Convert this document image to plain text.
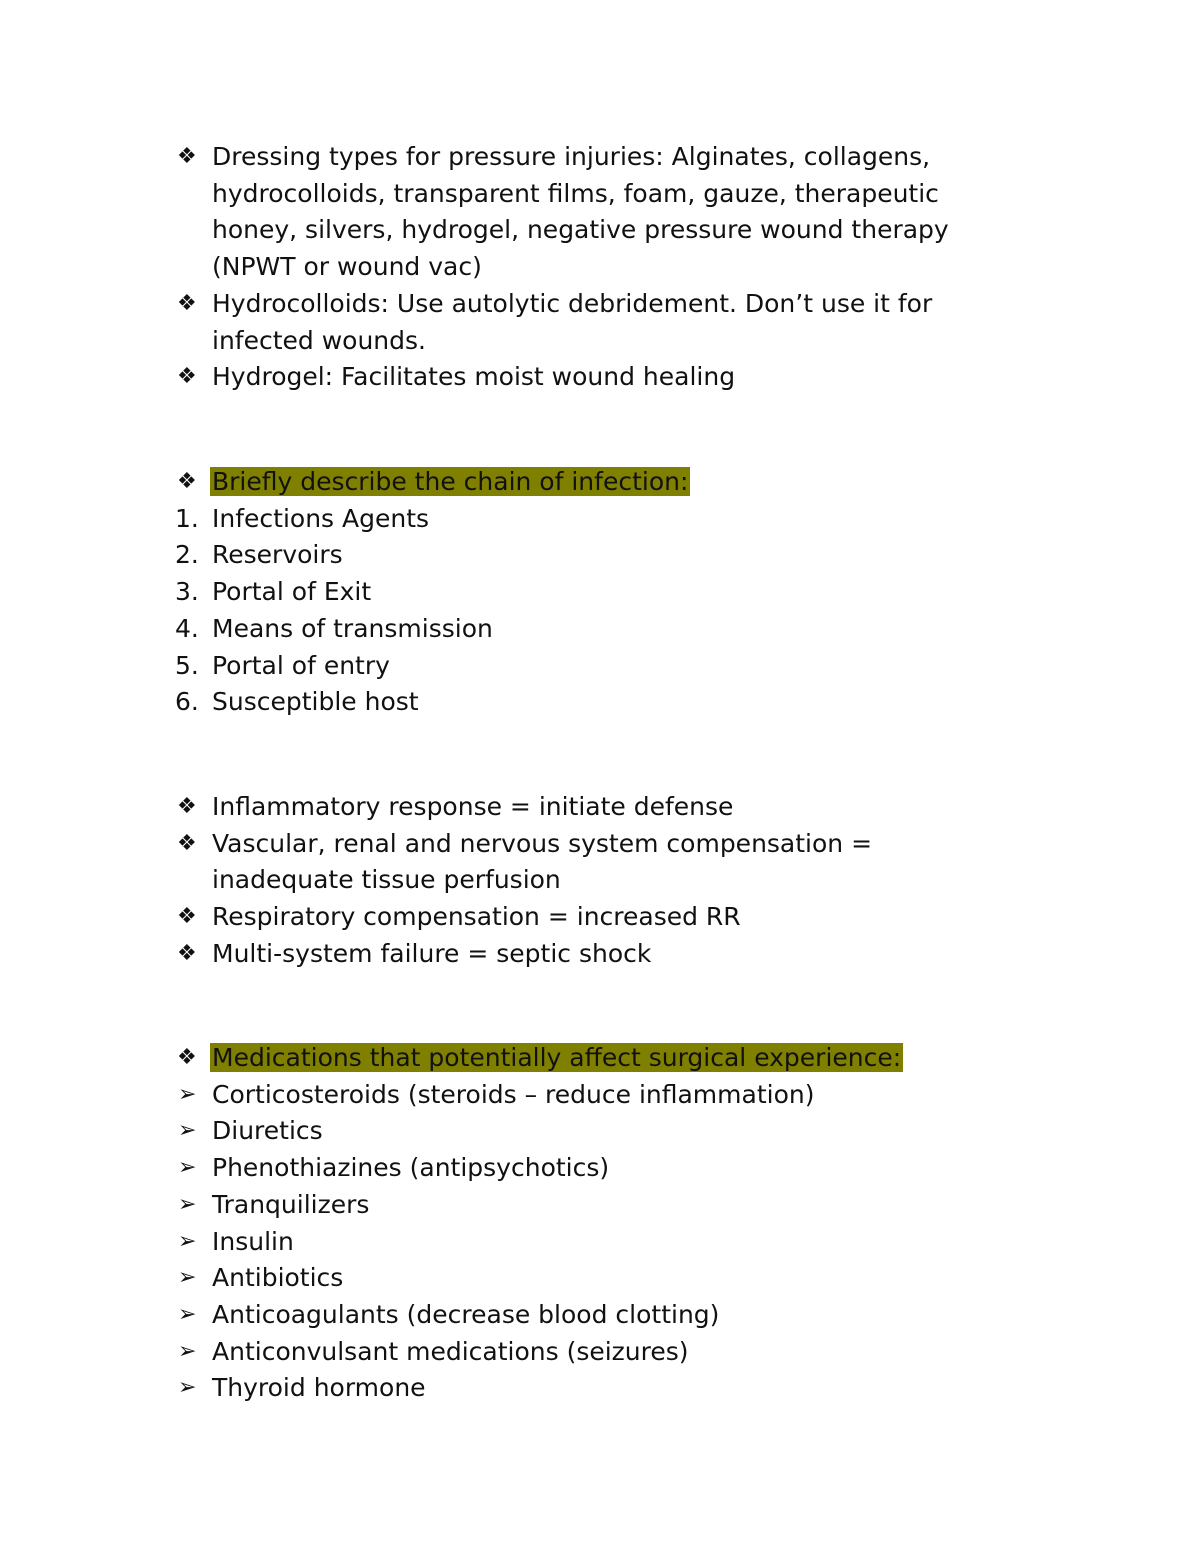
❖ Dressing types for pressure injuries: Alginates, collagens,
hydrocolloids, transparent films, foam, gauze, therapeutic
honey, silvers, hydrogel, negative pressure wound therapy
(NPWT or wound vac)
❖ Hydrocolloids: Use autolytic debridement. Don’t use it for
infected wounds.
❖ Hydrogel: Facilitates moist wound healing
❖ Briefly describe the chain of infection:
1. Infections Agents
2. Reservoirs
3. Portal of Exit
4. Means of transmission
5. Portal of entry
6. Susceptible host
❖ Inflammatory response = initiate defense
❖ Vascular, renal and nervous system compensation =
inadequate tissue perfusion
❖ Respiratory compensation = increased RR
❖ Multi-system failure = septic shock
❖ Medications that potentially affect surgical experience:
➢ Corticosteroids (steroids – reduce inflammation)
➢ Diuretics
➢ Phenothiazines (antipsychotics)
➢ Tranquilizers
➢ Insulin
➢ Antibiotics
➢ Anticoagulants (decrease blood clotting)
➢ Anticonvulsant medications (seizures)
➢ Thyroid hormone
